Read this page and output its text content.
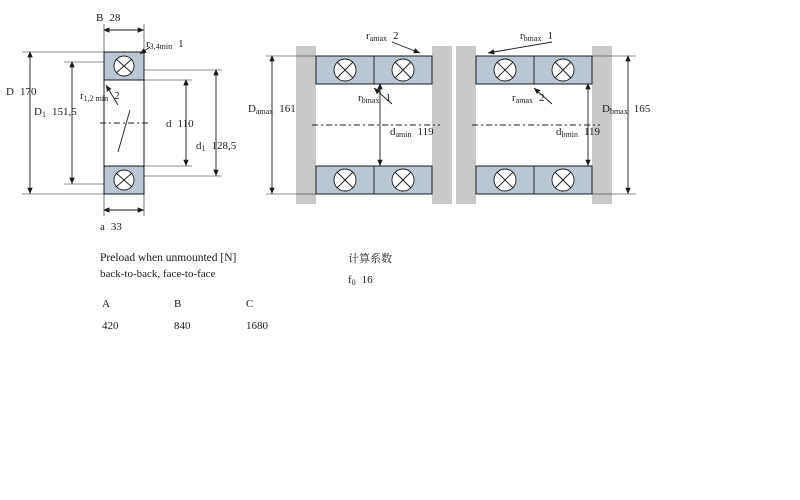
B 28
$r_{3,4min}$ 1
D 170	$r_{1,2 min}$ 2
$D_1$ 151,5
d 110
$d_1$ 128,5
a 33
$r_{amax}$ 2	$r_{bmax}$ 1
$D_{amax}$ 161
$r_{bmax}$ 1	$r_{amax}$ 2
$D_{bmax}$ 165
$d_{amin}$ 119	$d_{bmin}$ 119
Preload when unmounted [N]
back-to-back, face-to-face
A	B	C
420	840	1680
计算系数
$f_0$ 16
